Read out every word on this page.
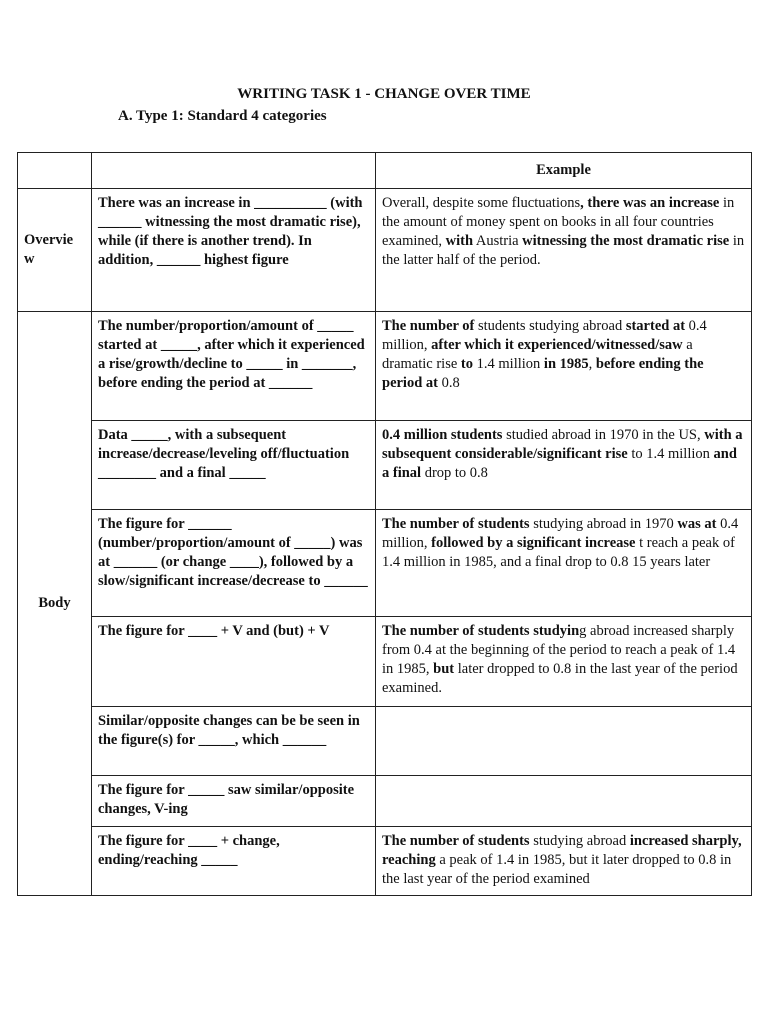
WRITING TASK 1 - CHANGE OVER TIME
A. Type 1: Standard 4 categories
		Example
Overvie w	There was an increase in __________ (with ______ witnessing the most dramatic rise), while (if there is another trend). In addition, ______ highest figure	Overall, despite some fluctuations, there was an increase in the amount of money spent on books in all four countries examined, with Austria witnessing the most dramatic rise in the latter half of the period.
Body	The number/proportion/amount of _____ started at _____, after which it experienced a rise/growth/decline to _____ in _______, before ending the period at ______	The number of students studying abroad started at 0.4 million, after which it experienced/witnessed/saw a dramatic rise to 1.4 million in 1985, before ending the period at 0.8
	Data _____, with a subsequent increase/decrease/leveling off/fluctuation ________ and a final _____	0.4 million students studied abroad in 1970 in the US, with a subsequent considerable/significant rise to 1.4 million and a final drop to 0.8
	The figure for ______ (number/proportion/amount of _____) was at ______ (or change ____), followed by a slow/significant increase/decrease to ______	The number of students studying abroad in 1970 was at 0.4 million, followed by a significant increase t reach a peak of 1.4 million in 1985, and a final drop to 0.8 15 years later
	The figure for ____ + V and (but) + V	The number of students studying abroad increased sharply from 0.4 at the beginning of the period to reach a peak of 1.4 in 1985, but later dropped to 0.8 in the last year of the period examined.
	Similar/opposite changes can be be seen in the figure(s) for _____, which ______	
	The figure for _____ saw similar/opposite changes, V-ing	
	The figure for ____ + change, ending/reaching _____	The number of students studying abroad increased sharply, reaching a peak of 1.4 in 1985, but it later dropped to 0.8 in the last year of the period examined
